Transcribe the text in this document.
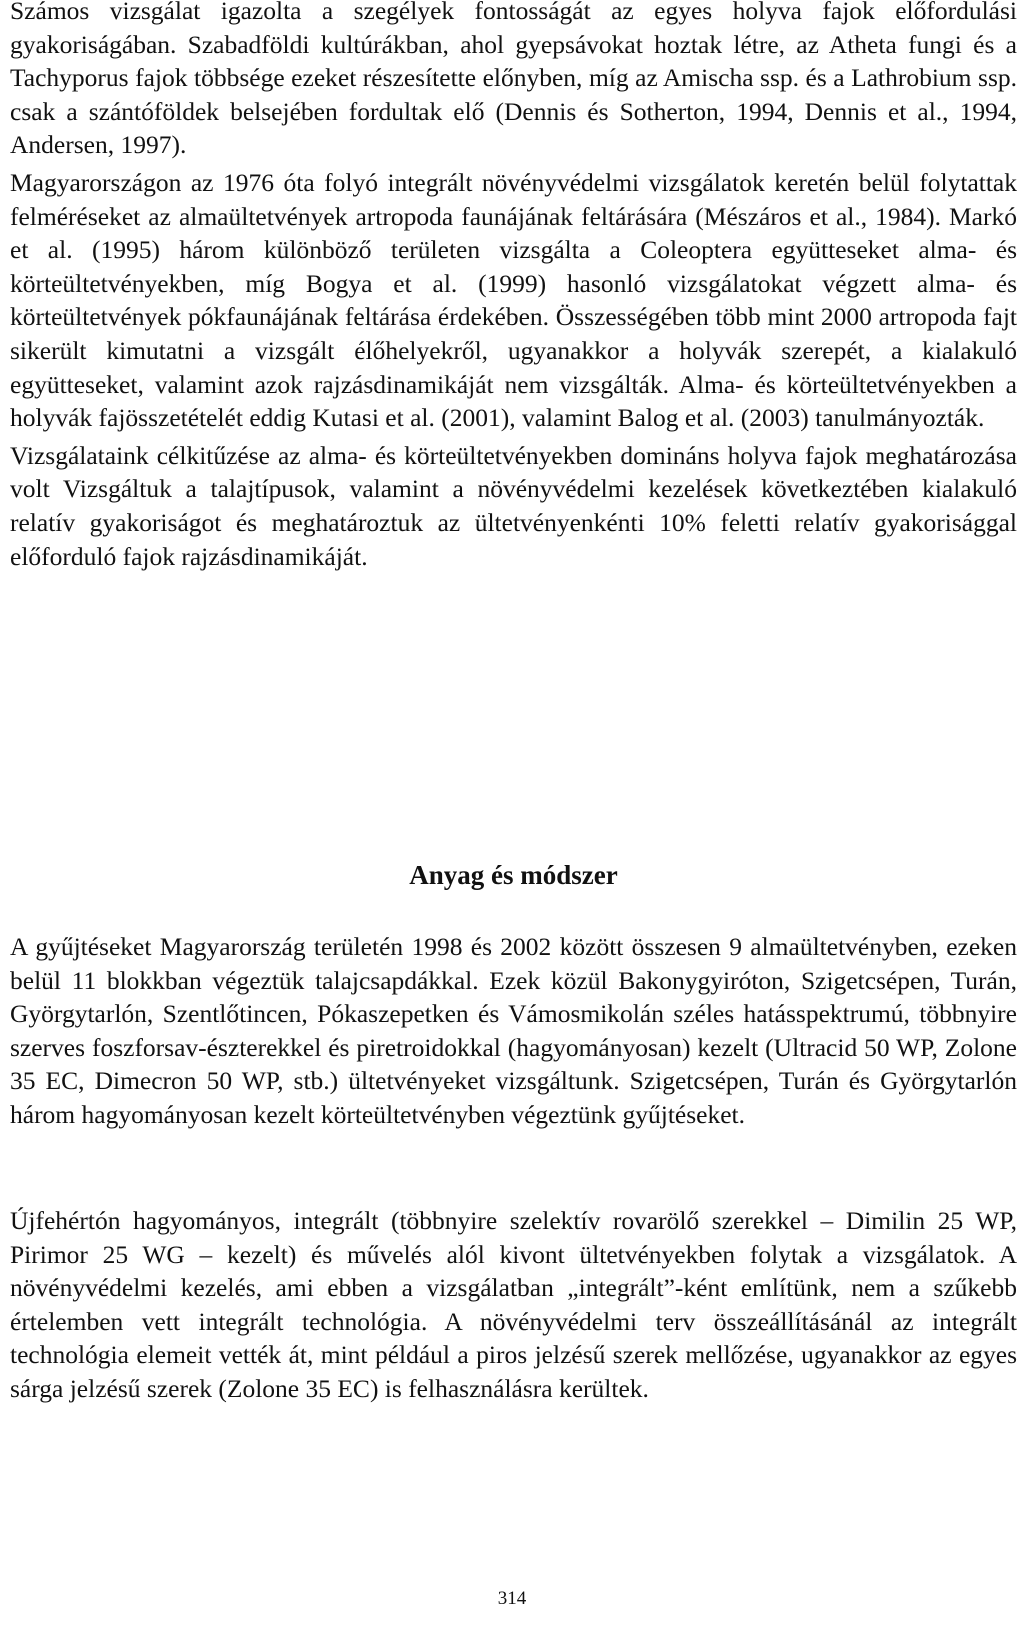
Számos vizsgálat igazolta a szegélyek fontosságát az egyes holyva fajok előfordulási gyakoriságában. Szabadföldi kultúrákban, ahol gyepsávokat hoztak létre, az Atheta fungi és a Tachyporus fajok többsége ezeket részesítette előnyben, míg az Amischa ssp. és a Lathrobium ssp. csak a szántóföldek belsejében fordultak elő (Dennis és Sotherton, 1994, Dennis et al., 1994, Andersen, 1997).

Magyarországon az 1976 óta folyó integrált növényvédelmi vizsgálatok keretén belül folytattak felméréseket az almaültetvények artropoda faunájának feltárására (Mészáros et al., 1984). Markó et al. (1995) három különböző területen vizsgálta a Coleoptera együtteseket alma- és körteültetvényekben, míg Bogya et al. (1999) hasonló vizsgálatokat végzett alma- és körteültetvények pókfaunájának feltárása érdekében. Összességében több mint 2000 artropoda fajt sikerült kimutatni a vizsgált élőhelyekről, ugyanakkor a holyvák szerepét, a kialakuló együtteseket, valamint azok rajzásdinamikáját nem vizsgálták. Alma- és körteültetvényekben a holyvák fajösszetételét eddig Kutasi et al. (2001), valamint Balog et al. (2003) tanulmányozták.

Vizsgálataink célkitűzése az alma- és körteültetvényekben domináns holyva fajok meghatározása volt Vizsgáltuk a talajtípusok, valamint a növényvédelmi kezelések következtében kialakuló relatív gyakoriságot és meghatároztuk az ültetvényenkénti 10% feletti relatív gyakorisággal előforduló fajok rajzásdinamikáját.

Anyag és módszer

A gyűjtéseket Magyarország területén 1998 és 2002 között összesen 9 almaültetvényben, ezeken belül 11 blokkban végeztük talajcsapdákkal. Ezek közül Bakonygyiróton, Szigetcsépen, Turán, Györgytarlón, Szentlőtincen, Pókaszepetken és Vámosmikolán széles hatásspektrumú, többnyire szerves foszforsav-észterekkel és piretroidokkal (hagyományosan) kezelt (Ultracid 50 WP, Zolone 35 EC, Dimecron 50 WP, stb.) ültetvényeket vizsgáltunk. Szigetcsépen, Turán és Györgytarlón három hagyományosan kezelt körteültetvényben végeztünk gyűjtéseket.

Újfehértón hagyományos, integrált (többnyire szelektív rovarölő szerekkel – Dimilin 25 WP, Pirimor 25 WG – kezelt) és művelés alól kivont ültetvényekben folytak a vizsgálatok. A növényvédelmi kezelés, ami ebben a vizsgálatban „integrált”-ként említünk, nem a szűkebb értelemben vett integrált technológia. A növényvédelmi terv összeállításánál az integrált technológia elemeit vették át, mint például a piros jelzésű szerek mellőzése, ugyanakkor az egyes sárga jelzésű szerek (Zolone 35 EC) is felhasználásra kerültek.

314
